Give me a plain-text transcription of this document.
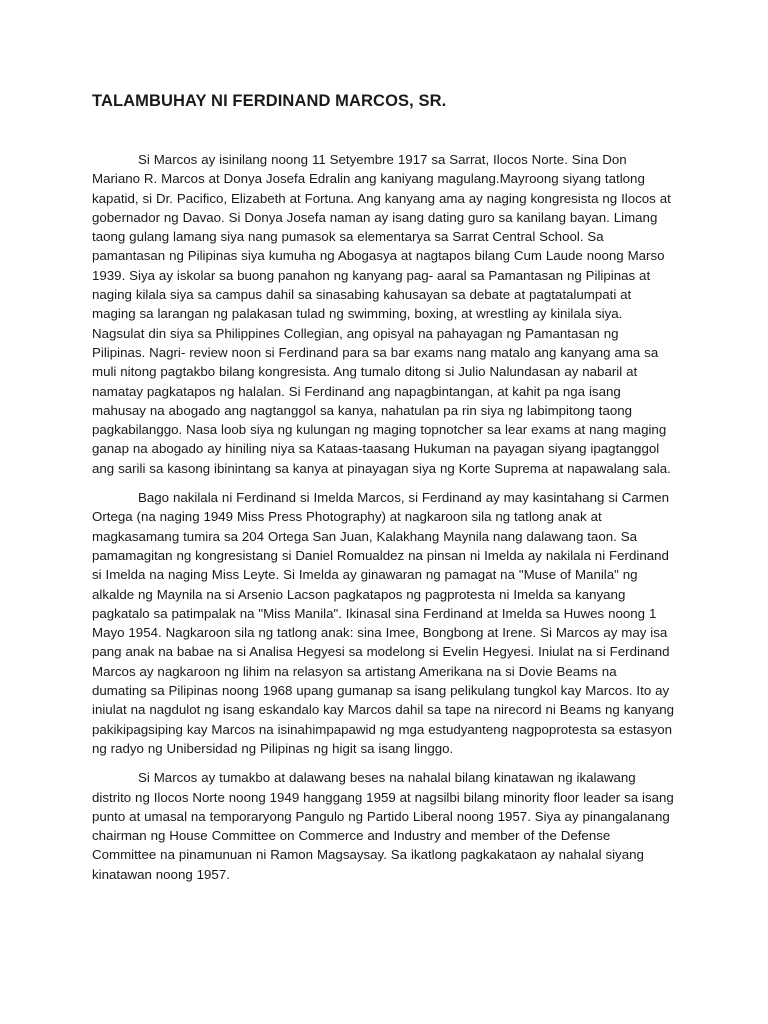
TALAMBUHAY NI FERDINAND MARCOS, SR.

Si Marcos ay isinilang noong 11 Setyembre 1917 sa Sarrat, Ilocos Norte. Sina Don Mariano R. Marcos at Donya Josefa Edralin ang kaniyang magulang.Mayroong siyang tatlong kapatid, si Dr. Pacifico, Elizabeth at Fortuna. Ang kanyang ama ay naging kongresista ng Ilocos at gobernador ng Davao. Si Donya Josefa naman ay isang dating guro sa kanilang bayan. Limang taong gulang lamang siya nang pumasok sa elementarya sa Sarrat Central School. Sa pamantasan ng Pilipinas siya kumuha ng Abogasya at nagtapos bilang Cum Laude noong Marso 1939. Siya ay iskolar sa buong panahon ng kanyang pag- aaral sa Pamantasan ng Pilipinas at naging kilala siya sa campus dahil sa sinasabing kahusayan sa debate at pagtatalumpati at maging sa larangan ng palakasan tulad ng swimming, boxing, at wrestling ay kinilala siya. Nagsulat din siya sa Philippines Collegian, ang opisyal na pahayagan ng Pamantasan ng Pilipinas. Nagri- review noon si Ferdinand para sa bar exams nang matalo ang kanyang ama sa muli nitong pagtakbo bilang kongresista. Ang tumalo ditong si Julio Nalundasan ay nabaril at namatay pagkatapos ng halalan. Si Ferdinand ang napagbintangan, at kahit pa nga isang mahusay na abogado ang nagtanggol sa kanya, nahatulan pa rin siya ng labimpitong taong pagkabilanggo. Nasa loob siya ng kulungan ng maging topnotcher sa lear exams at nang maging ganap na abogado ay hiniling niya sa Kataas-taasang Hukuman na payagan siyang ipagtanggol ang sarili sa kasong ibinintang sa kanya at pinayagan siya ng Korte Suprema at napawalang sala.

Bago nakilala ni Ferdinand si Imelda Marcos, si Ferdinand ay may kasintahang si Carmen Ortega (na naging 1949 Miss Press Photography) at nagkaroon sila ng tatlong anak at magkasamang tumira sa 204 Ortega San Juan, Kalakhang Maynila nang dalawang taon. Sa pamamagitan ng kongresistang si Daniel Romualdez na pinsan ni Imelda ay nakilala ni Ferdinand si Imelda na naging Miss Leyte. Si Imelda ay ginawaran ng pamagat na "Muse of Manila" ng alkalde ng Maynila na si Arsenio Lacson pagkatapos ng pagprotesta ni Imelda sa kanyang pagkatalo sa patimpalak na "Miss Manila". Ikinasal sina Ferdinand at Imelda sa Huwes noong 1 Mayo 1954. Nagkaroon sila ng tatlong anak: sina Imee, Bongbong at Irene. Si Marcos ay may isa pang anak na babae na si Analisa Hegyesi sa modelong si Evelin Hegyesi. Iniulat na si Ferdinand Marcos ay nagkaroon ng lihim na relasyon sa artistang Amerikana na si Dovie Beams na dumating sa Pilipinas noong 1968 upang gumanap sa isang pelikulang tungkol kay Marcos. Ito ay iniulat na nagdulot ng isang eskandalo kay Marcos dahil sa tape na nirecord ni Beams ng kanyang pakikipagsiping kay Marcos na isinahimpapawid ng mga estudyanteng nagpoprotesta sa estasyon ng radyo ng Unibersidad ng Pilipinas ng higit sa isang linggo.

Si Marcos ay tumakbo at dalawang beses na nahalal bilang kinatawan ng ikalawang distrito ng Ilocos Norte noong 1949 hanggang 1959 at nagsilbi bilang minority floor leader sa isang punto at umasal na temporaryong Pangulo ng Partido Liberal noong 1957. Siya ay pinangalanang chairman ng House Committee on Commerce and Industry and member of the Defense Committee na pinamunuan ni Ramon Magsaysay. Sa ikatlong pagkakataon ay nahalal siyang kinatawan noong 1957.
